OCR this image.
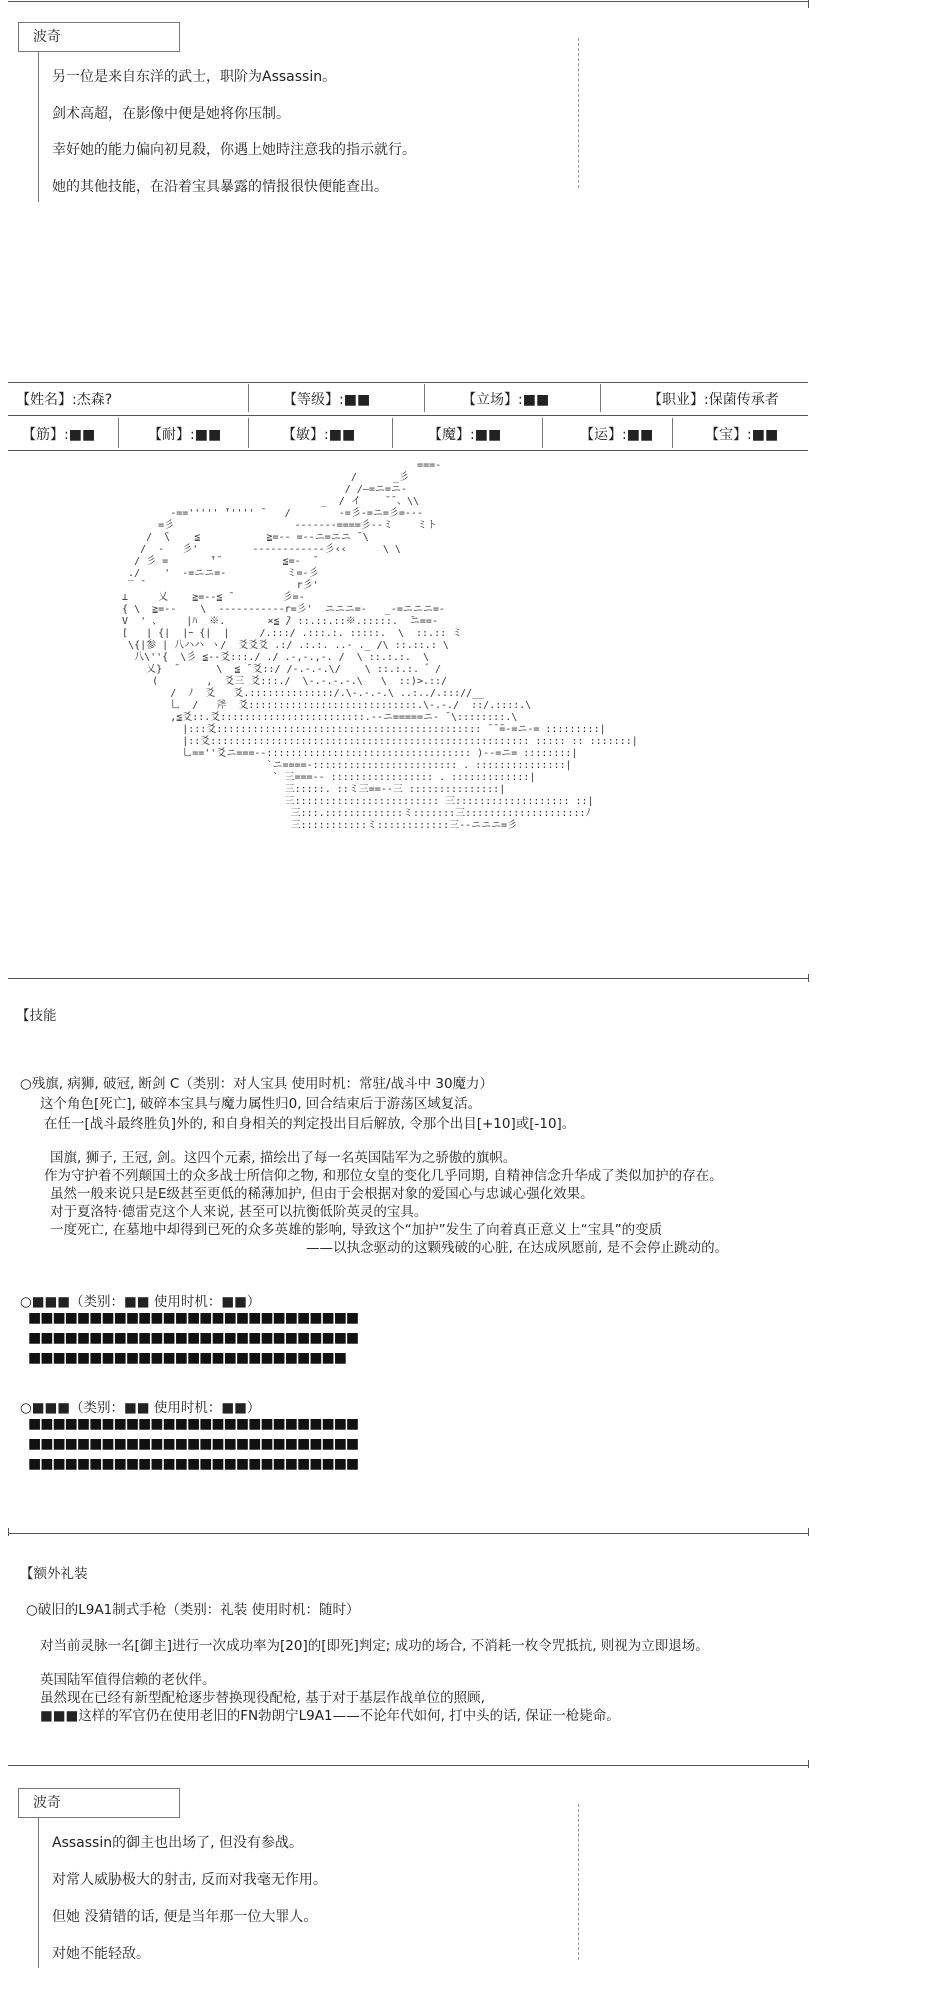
波奇
另一位是来自东洋的武士，职阶为Assassin。
剑术高超，在影像中便是她将你压制。
幸好她的能力偏向初見殺，你遇上她時注意我的指示就行。
她的其他技能，在沿着宝具暴露的情报很快便能查出。
【姓名】:杰森?	【等级】:■■	【立场】:■■	【职业】:保菌传承者
【筋】:■■	【耐】:■■	【敏】:■■	【魔】:■■	【运】:■■	【宝】:■■
===-
/      _彡
/ /―=ニ=ニ-
_  / イ    ̄ ̄ 、\\
-==''''' ̄''''' ̄    /        -=彡-=ニ=彡=---
=彡                    -------====彡--ミ    ミト
/  ̄\    ≦           ≧=-- =--ニ=ニニ ̄ \
/  -   彡'         ------------彡‹‹      \ \
/ 彡 =       ̄'̄           ≦=-  ̄
./    '  -=ニニ=-          ミ=-彡
‾ ̄                          r彡'
⊥     乂    ≧=--≦ ̄         彡=-
{ \  ≧=--    \  -----------r=彡'  ニニニ=-   _-=ニニニ=-
V  ' 、    |ﾊ  ※.       ×≦ ̄/ ::.::.::※.:::::.  ̄ニ==-
[   | {|  |ｰ {|  |     /.:::/ .:::.:. :::::.  \  ::.:: ミ
\{|参 | 八ハハ ヽ/  爻爻爻 .:/ .:.:. ..- ._ /\ ::.::.: \
八\''{  \彡 ≦--爻:::./ ./ .-,-.,-. /  \ ::.:.:.  \
乂}  ̄       \  ≦ ̄ 爻::/ /-.-.-.\/    \ ::.:.:. ゛/
(        ,  爻三 爻:::./  \-.-.-.-.\   \  ::)>.::/
/  ﾉ  爻   爻.::::::::::::::/.\-.-.-.\ ..:../.::://__
乚  /   斧  爻::::::::::::::::::::::::::::.\-.-./  ::/.::::.\
,≦爻::.爻::::::::::::::::::::::::.--ニ=====ニ- ̄ \::::::::.\
|:::爻:::::::::::::::::::::::::::::::::::::::::::: ̄ ̄ ̄=-=ニ-= :::::::::|
|::爻::::::::::::::::::::::::::::::::::::::::::::::::::::: ::::: :: :::::::|
乚==''爻ニ===--:::::::::::::::::::::::::::::::::: )--=ニ= ::::::::|
`ニ====-:::::::::::::::::::::::: . :::::::::::::::|
` 三===-- ::::::::::::::::: . :::::::::::::|
三:::::. ::ミ三==--三 :::::::::::::::|
三:::::::::::::::::::::::: 三::::::::::::::::::: ::|
三:::.:::::::::::::ミ:::::::三::::::::::::::::::::ﾉ
三:::::::::::ミ::::::::::::三--ニニニ=彡
【技能
○残旗, 病狮, 破冠, 断剑 C（类别：对人宝具 使用时机：常驻/战斗中 30魔力）
这个角色[死亡], 破碎本宝具与魔力属性归0, 回合结束后于游荡区域复活。
在任一[战斗最终胜负]外的, 和自身相关的判定投出目后解放, 令那个出目[+10]或[-10]。
国旗, 狮子, 王冠, 剑。这四个元素, 描绘出了每一名英国陆军为之骄傲的旗帜。
作为守护着不列颠国土的众多战士所信仰之物, 和那位女皇的变化几乎同期, 自精神信念升华成了类似加护的存在。
虽然一般来说只是E级甚至更低的稀薄加护, 但由于会根据对象的爱国心与忠诚心强化效果。
对于夏洛特·德雷克这个人来说, 甚至可以抗衡低阶英灵的宝具。
一度死亡, 在墓地中却得到已死的众多英雄的影响, 导致这个“加护”发生了向着真正意义上“宝具”的变质
——以执念驱动的这颗残破的心脏, 在达成夙愿前, 是不会停止跳动的。
○■■■（类别：■■ 使用时机：■■）
■■■■■■■■■■■■■■■■■■■■■■■■■■■
■■■■■■■■■■■■■■■■■■■■■■■■■■■
■■■■■■■■■■■■■■■■■■■■■■■■■■
○■■■（类别：■■ 使用时机：■■）
■■■■■■■■■■■■■■■■■■■■■■■■■■■
■■■■■■■■■■■■■■■■■■■■■■■■■■■
■■■■■■■■■■■■■■■■■■■■■■■■■■■
【额外礼装
○破旧的L9A1制式手枪（类别：礼装 使用时机：随时）
对当前灵脉一名[御主]进行一次成功率为[20]的[即死]判定; 成功的场合, 不消耗一枚令咒抵抗, 则视为立即退场。
英国陆军值得信赖的老伙伴。
虽然现在已经有新型配枪逐步替换现役配枪, 基于对于基层作战单位的照顾,
■■■这样的军官仍在使用老旧的FN勃朗宁L9A1——不论年代如何, 打中头的话, 保证一枪毙命。
波奇
Assassin的御主也出场了, 但没有参战。
对常人威胁极大的射击, 反而对我毫无作用。
但她 没猜错的话, 便是当年那一位大罪人。
对她不能轻敌。
